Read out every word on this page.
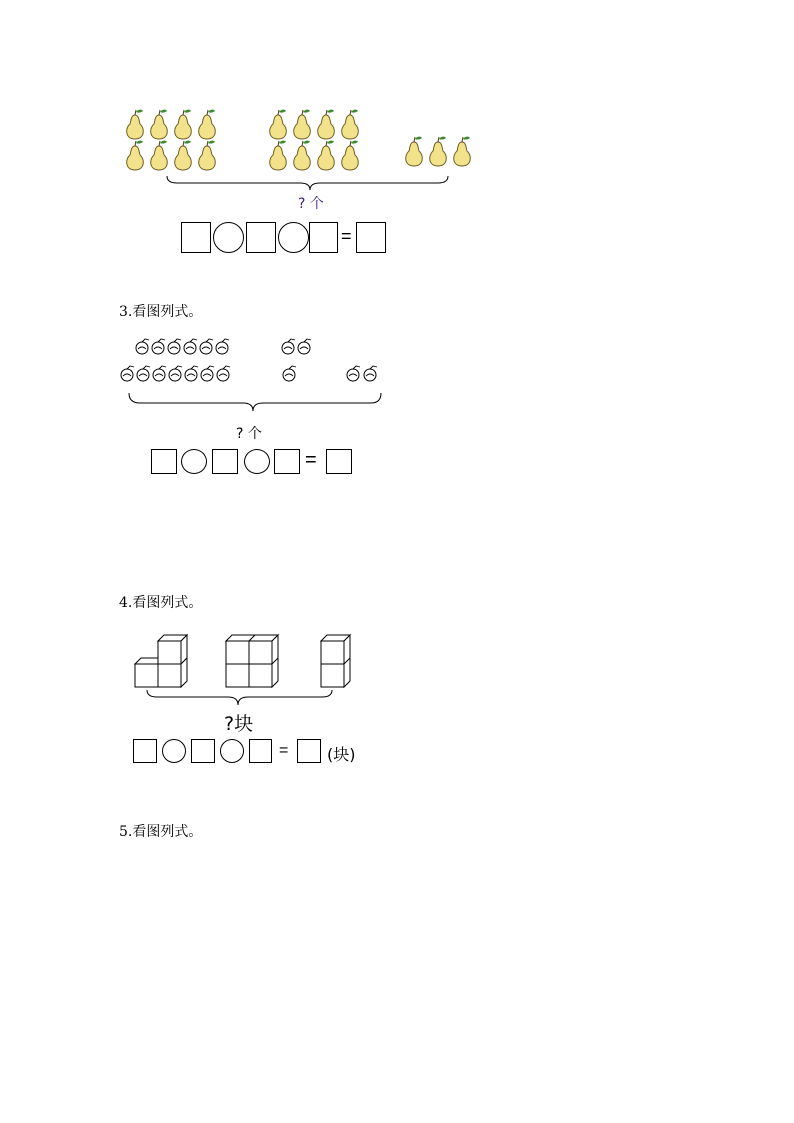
? 个
=
3.看图列式。
? 个
=
4.看图列式。
?块
= (块)
5.看图列式。
